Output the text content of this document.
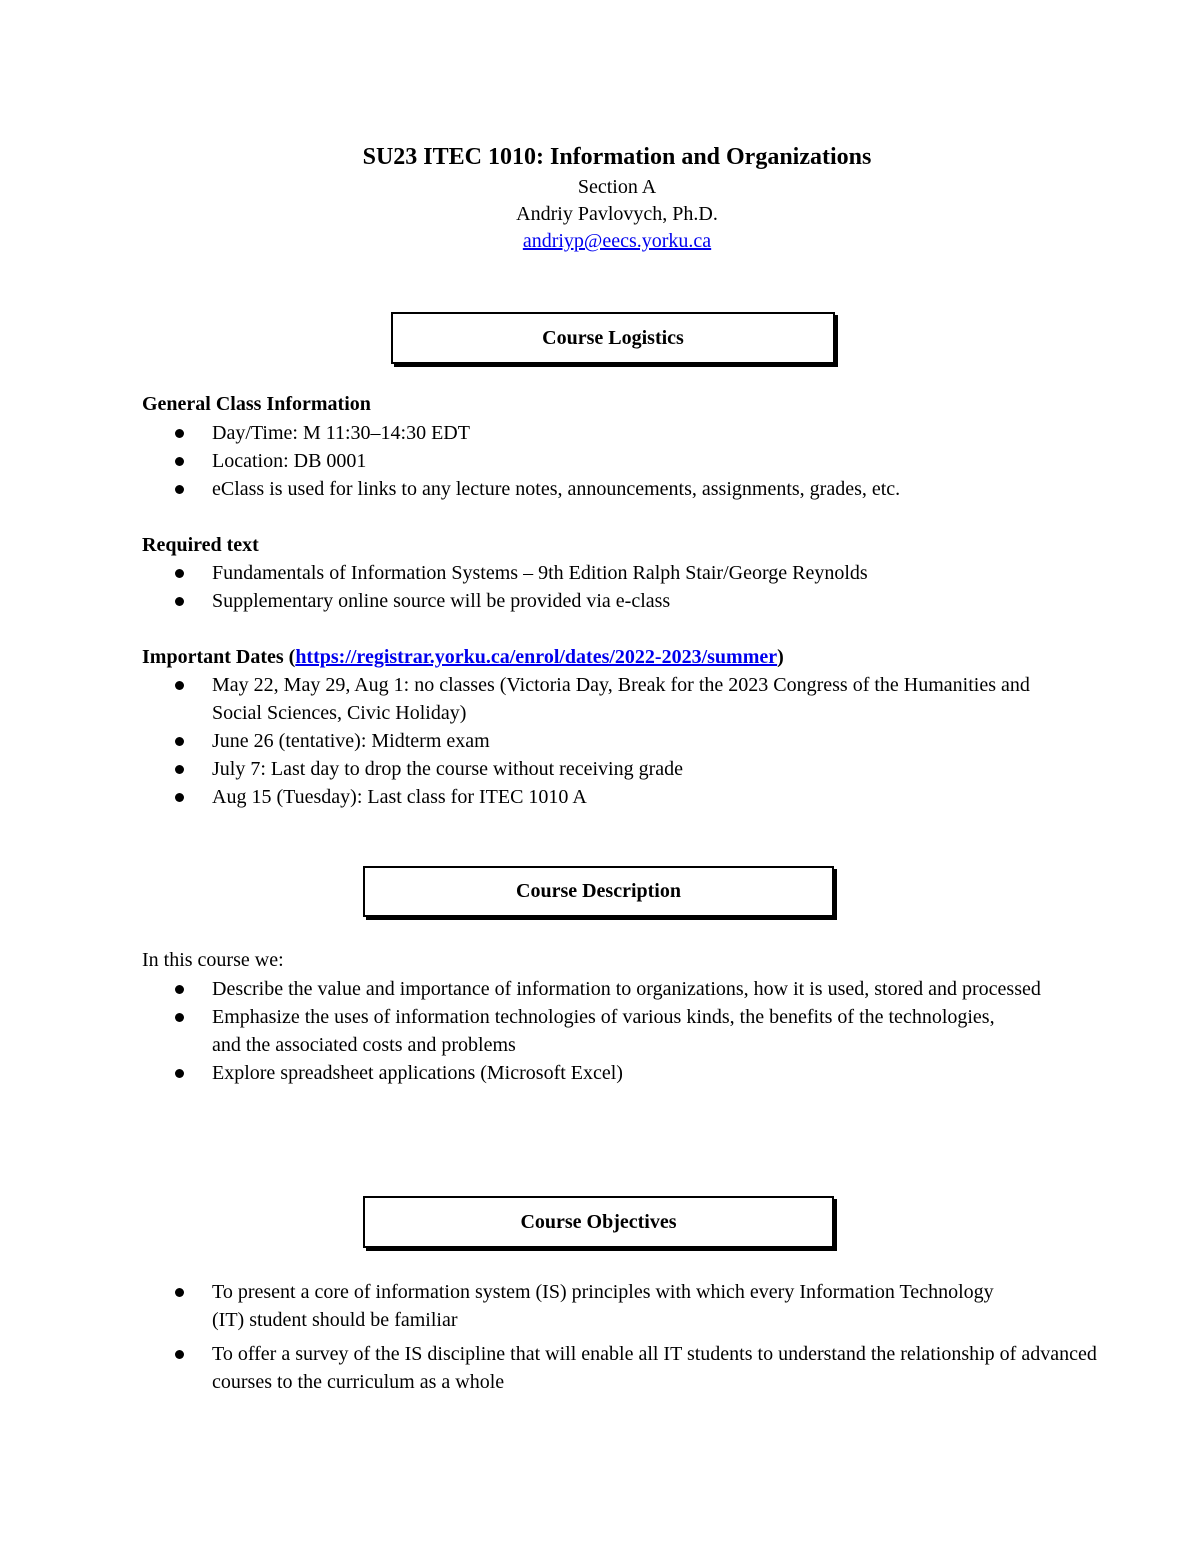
SU23 ITEC 1010: Information and Organizations
Section A
Andriy Pavlovych, Ph.D.
andriyp@eecs.yorku.ca
Course Logistics
General Class Information
Day/Time: M 11:30–14:30 EDT
Location: DB 0001
eClass is used for links to any lecture notes, announcements, assignments, grades, etc.
Required text
Fundamentals of Information Systems – 9th Edition Ralph Stair/George Reynolds
Supplementary online source will be provided via e-class
Important Dates (https://registrar.yorku.ca/enrol/dates/2022-2023/summer)
May 22, May 29, Aug 1: no classes (Victoria Day, Break for the 2023 Congress of the Humanities and Social Sciences, Civic Holiday)
June 26 (tentative): Midterm exam
July 7: Last day to drop the course without receiving grade
Aug 15 (Tuesday): Last class for ITEC 1010 A
Course Description
In this course we:
Describe the value and importance of information to organizations, how it is used, stored and processed
Emphasize the uses of information technologies of various kinds, the benefits of the technologies,
and the associated costs and problems
Explore spreadsheet applications (Microsoft Excel)
Course Objectives
To present a core of information system (IS) principles with which every Information Technology
(IT) student should be familiar
To offer a survey of the IS discipline that will enable all IT students to understand the relationship of advanced courses to the curriculum as a whole
